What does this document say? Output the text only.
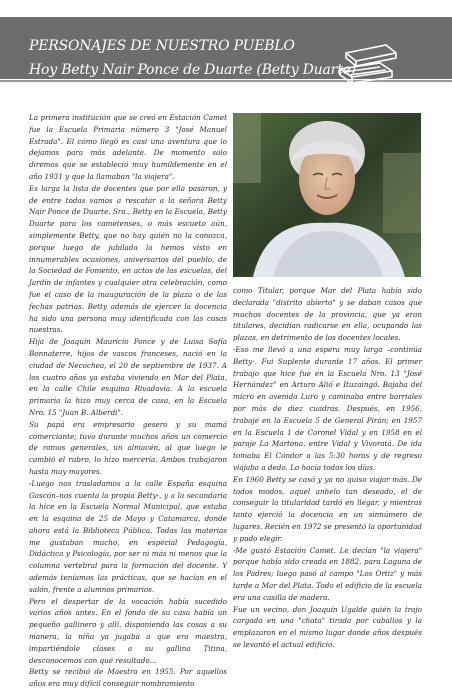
PERSONAJES DE NUESTRO PUEBLO
Hoy Betty Nair Ponce de Duarte (Betty Duarte)

La primera institución que se creó en Estación Camet fue la Escuela Primaria número 3 "José Manuel Estrada". El cómo llegó es casi una aventura que lo dejamos para más adelante. De momento solo diremos que se estableció muy humildemente en el año 1931 y que la llamaban "la viajera".

Es larga la lista de docentes que por ella pasaron, y de entre todas vamos a rescatar a la señora Betty Nair Ponce de Duarte, Sra., Betty en la Escuela, Betty Duarte para los cametenses, o más escueto aún, simplemente Betty, que no hay quién no la conozca, porque luego de jubilada la hemos visto en innumerables ocasiones, aniversarios del pueblo, de la Sociedad de Fomento, en actos de las escuelas, del Jardín de infantes y cualquier otra celebración, como fue el caso de la inauguración de la plaza o de las fechas patrias. Betty además de ejercer la docencia ha sido una persona muy identificada con las cosas nuestras.

Hija de Joaquín Mauricio Ponce y de Luisa Sofía Bonnaterre, hijos de vascos franceses, nació en la ciudad de Necochea, el 20 de septiembre de 1937. A los cuatro años ya estaba viviendo en Mar del Plata, en la calle Chile esquina Rivadavia. A la escuela primaria la hizo muy cerca de casa, en la Escuela Nro. 15 "Juan B. Alberdi".

Su papá era empresario gesero y su mamá comerciante; tuvo durante muchos años un comercio de ramos generales, un almacén, al que luego le cambió el rubro, lo hizo mercería. Ambos trabajaron hasta muy mayores.

-Luego nos trasladamos a la calle España esquina Gascón–nos cuenta la propia Betty-, y a la secundaria la hice en la Escuela Normal Municipal, que estaba en la esquina de 25 de Mayo y Catamarca, donde ahora está la Biblioteca Pública. Todas las materias me gustaban mucho, en especial Pedagogía, Didáctica y Psicología, por ser ni más ni menos que la columna vertebral para la formación del docente. Y además teníamos las prácticas, que se hacían en el salón, frente a alumnos primarios.

Pero el despertar de la vocación había sucedido varios años antes. En el fondo de su casa había un pequeño gallinero y allí, disponiendo las cosas a su manera, la niña ya jugaba a que era maestra, impartiéndole clases a su gallina Titina, desconocemos con qué resultado…

Betty se recibió de Maestra en 1955. Por aquellos años era muy difícil conseguir nombramiento

como Titular, porque Mar del Plata había sido declarada "distrito abierto" y se daban casos que muchos docentes de la provincia, que ya eran titulares, decidían radicarse en ella, ocupando las plazas, en detrimento de los docentes locales.

-Eso me llevó a una espera muy larga –continúa Betty-. Fui Suplente durante 17 años. El primer trabajo que hice fue en la Escuela Nro. 13 "José Hernández" en Arturo Alió e Ituzaingó. Bajaba del micro en avenida Luro y caminaba entre barriales por más de diez cuadras. Después, en 1956, trabajé en la Escuela 5 de General Pirán; en 1957 en la Escuela 1 de Coronel Vidal y en 1958 en el paraje La Martona, entre Vidal y Vivoratá. De ida tomaba El Cóndor a las 5:30 horas y de regreso viajaba a dedo. Lo hacía todos los días.

En 1960 Betty se casó y ya no quiso viajar más. De todos modos, aquel anhelo tan deseado, el de conseguir la titularidad tardó en llegar, y mientras tanto ejerció la docencia en un sinnúmero de lugares. Recién en 1972 se presentó la oportunidad y pudo elegir.

-Me gustó Estación Camet. Le decían "la viajera" porque había sido creada en 1882, para Laguna de los Padres; luego pasó al campo "Los Ortiz" y más tarde a Mar del Plata. Todo el edificio de la escuela era una casilla de madera.

Fue un vecino, don Joaquín Ugalde quién la trajo cargada en una "chata" tirada por caballos y la emplazaron en el mismo lugar donde años después se levantó el actual edificio.
